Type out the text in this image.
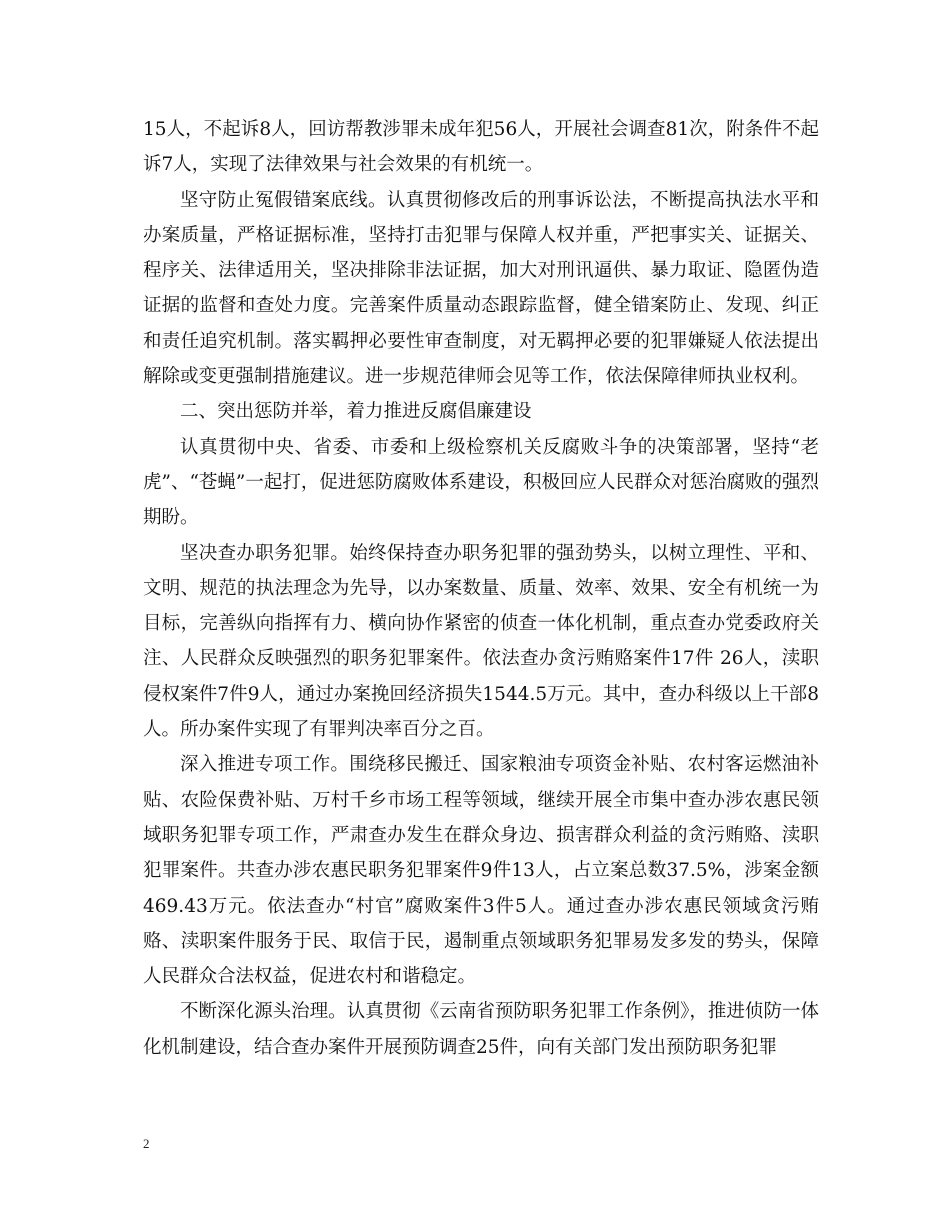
15人，不起诉8人，回访帮教涉罪未成年犯56人，开展社会调查81次，附条件不起诉7人，实现了法律效果与社会效果的有机统一。

坚守防止冤假错案底线。认真贯彻修改后的刑事诉讼法，不断提高执法水平和办案质量，严格证据标准，坚持打击犯罪与保障人权并重，严把事实关、证据关、程序关、法律适用关，坚决排除非法证据，加大对刑讯逼供、暴力取证、隐匿伪造证据的监督和查处力度。完善案件质量动态跟踪监督，健全错案防止、发现、纠正和责任追究机制。落实羁押必要性审查制度，对无羁押必要的犯罪嫌疑人依法提出解除或变更强制措施建议。进一步规范律师会见等工作，依法保障律师执业权利。

二、突出惩防并举，着力推进反腐倡廉建设

认真贯彻中央、省委、市委和上级检察机关反腐败斗争的决策部署，坚持“老虎”、“苍蝇”一起打，促进惩防腐败体系建设，积极回应人民群众对惩治腐败的强烈期盼。

坚决查办职务犯罪。始终保持查办职务犯罪的强劲势头，以树立理性、平和、文明、规范的执法理念为先导，以办案数量、质量、效率、效果、安全有机统一为目标，完善纵向指挥有力、横向协作紧密的侦查一体化机制，重点查办党委政府关注、人民群众反映强烈的职务犯罪案件。依法查办贪污贿赂案件17件 26人，渎职侵权案件7件9人，通过办案挽回经济损失1544.5万元。其中，查办科级以上干部8人。所办案件实现了有罪判决率百分之百。

深入推进专项工作。围绕移民搬迁、国家粮油专项资金补贴、农村客运燃油补贴、农险保费补贴、万村千乡市场工程等领域，继续开展全市集中查办涉农惠民领域职务犯罪专项工作，严肃查办发生在群众身边、损害群众利益的贪污贿赂、渎职犯罪案件。共查办涉农惠民职务犯罪案件9件13人，占立案总数37.5%，涉案金额469.43万元。依法查办“村官”腐败案件3件5人。通过查办涉农惠民领域贪污贿赂、渎职案件服务于民、取信于民，遏制重点领域职务犯罪易发多发的势头，保障人民群众合法权益，促进农村和谐稳定。

不断深化源头治理。认真贯彻《云南省预防职务犯罪工作条例》，推进侦防一体化机制建设，结合查办案件开展预防调查25件，向有关部门发出预防职务犯罪

2
